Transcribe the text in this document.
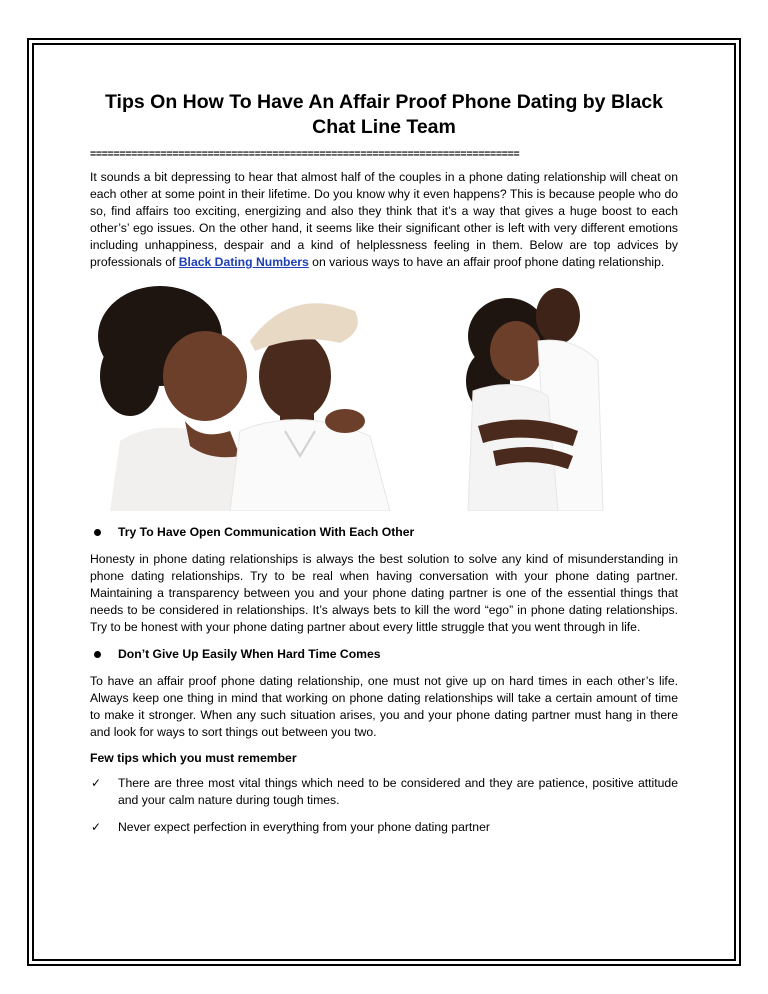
Tips On How To Have An Affair Proof Phone Dating by Black Chat Line Team
=========================================================================

It sounds a bit depressing to hear that almost half of the couples in a phone dating relationship will cheat on each other at some point in their lifetime. Do you know why it even happens? This is because people who do so, find affairs too exciting, energizing and also they think that it’s a way that gives a huge boost to each other’s’ ego issues. On the other hand, it seems like their significant other is left with very different emotions including unhappiness, despair and a kind of helplessness feeling in them. Below are top advices by professionals of Black Dating Numbers on various ways to have an affair proof phone dating relationship.

Try To Have Open Communication With Each Other

Honesty in phone dating relationships is always the best solution to solve any kind of misunderstanding in phone dating relationships. Try to be real when having conversation with your phone dating partner. Maintaining a transparency between you and your phone dating partner is one of the essential things that needs to be considered in relationships. It’s always bets to kill the word “ego” in phone dating relationships. Try to be honest with your phone dating partner about every little struggle that you went through in life.

Don’t Give Up Easily When Hard Time Comes

To have an affair proof phone dating relationship, one must not give up on hard times in each other’s life. Always keep one thing in mind that working on phone dating relationships will take a certain amount of time to make it stronger. When any such situation arises, you and your phone dating partner must hang in there and look for ways to sort things out between you two.

Few tips which you must remember
✓	There are three most vital things which need to be considered and they are patience, positive attitude and your calm nature during tough times.
✓	Never expect perfection in everything from your phone dating partner
